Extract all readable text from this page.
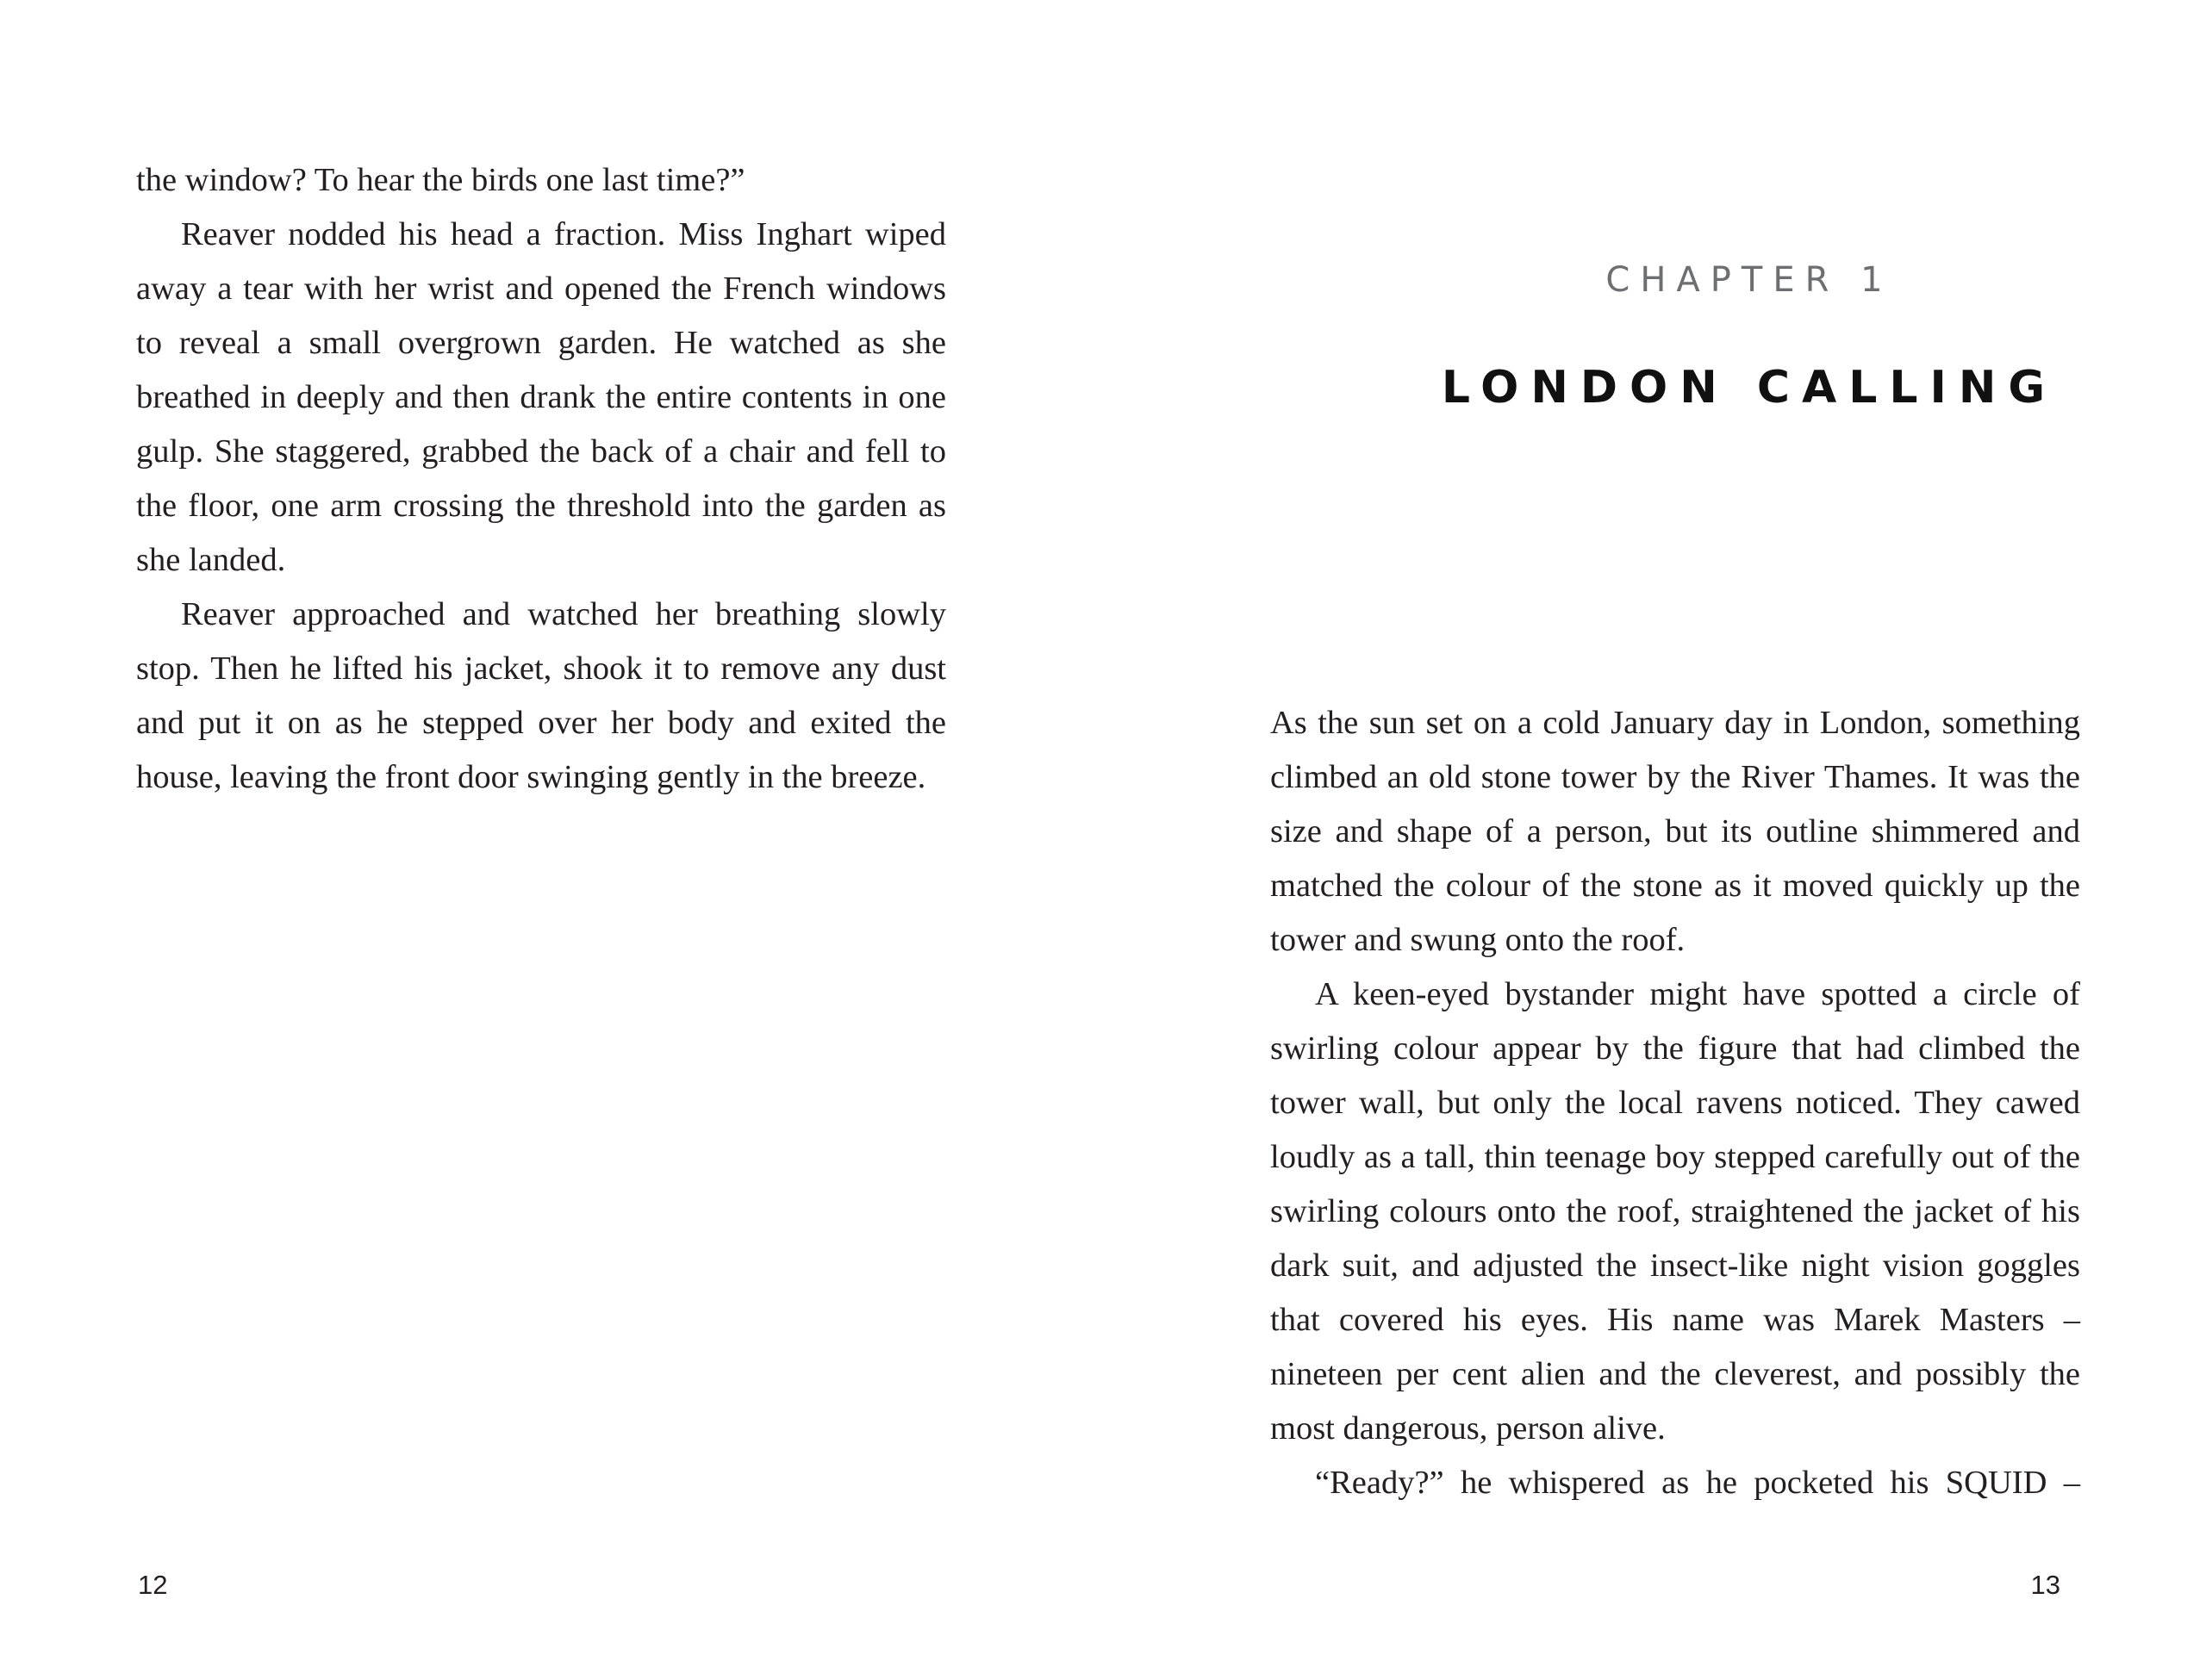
the window? To hear the birds one last time?”

Reaver nodded his head a fraction. Miss Inghart wiped away a tear with her wrist and opened the French windows to reveal a small overgrown garden. He watched as she breathed in deeply and then drank the entire contents in one gulp. She staggered, grabbed the back of a chair and fell to the floor, one arm crossing the threshold into the garden as she landed.

Reaver approached and watched her breathing slowly stop. Then he lifted his jacket, shook it to remove any dust and put it on as he stepped over her body and exited the house, leaving the front door swinging gently in the breeze.

12
CHAPTER 1
LONDON CALLING

As the sun set on a cold January day in London, something climbed an old stone tower by the River Thames. It was the size and shape of a person, but its outline shimmered and matched the colour of the stone as it moved quickly up the tower and swung onto the roof.

A keen-eyed bystander might have spotted a circle of swirling colour appear by the figure that had climbed the tower wall, but only the local ravens noticed. They cawed loudly as a tall, thin teenage boy stepped carefully out of the swirling colours onto the roof, straightened the jacket of his dark suit, and adjusted the insect-like night vision goggles that covered his eyes. His name was Marek Masters – nineteen per cent alien and the cleverest, and possibly the most dangerous, person alive.

“Ready?” he whispered as he pocketed his SQUID –

13
